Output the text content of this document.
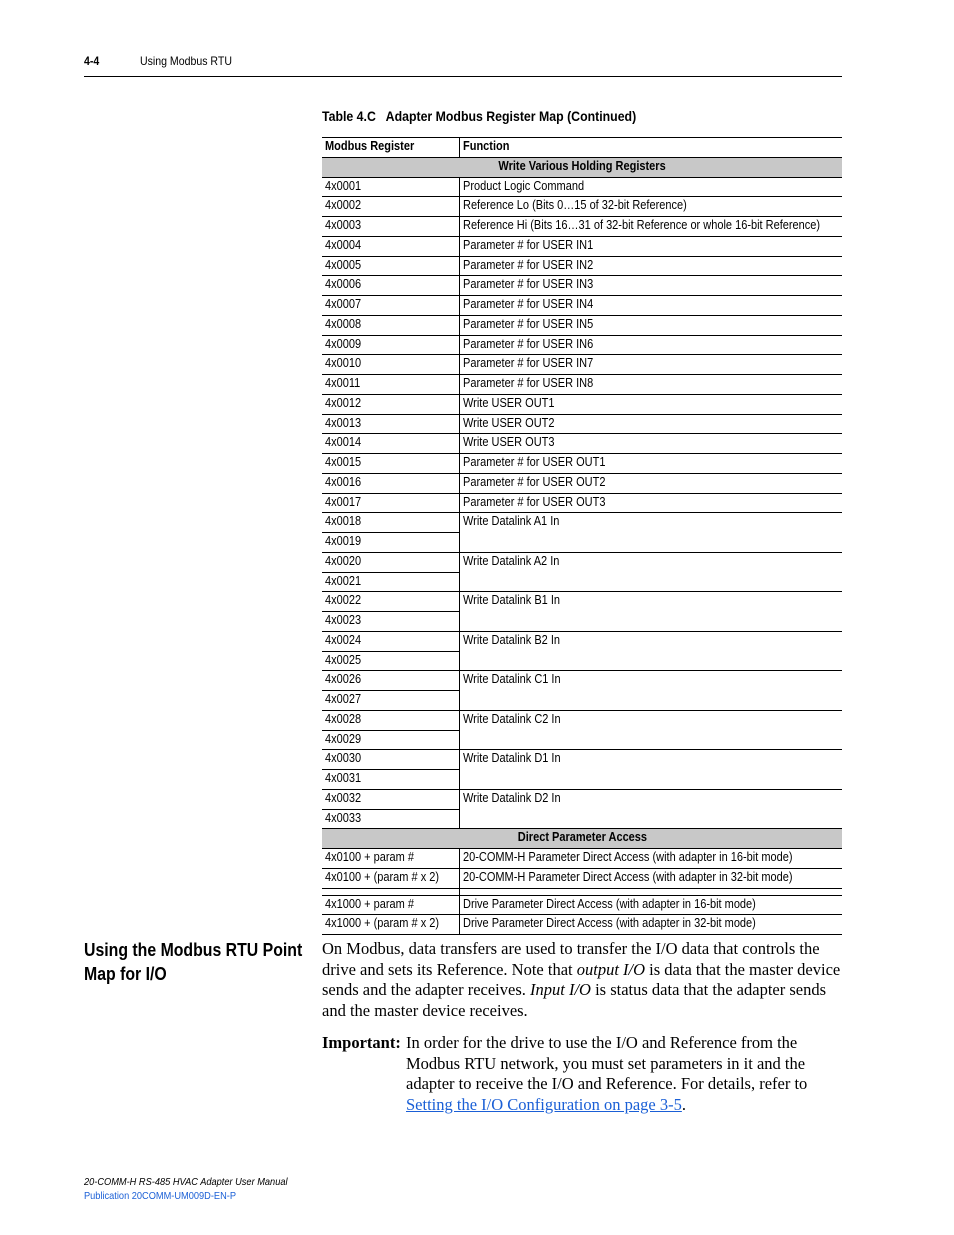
4-4	Using Modbus RTU
Table 4.C   Adapter Modbus Register Map (Continued)
Modbus Register	Function
Write Various Holding Registers	
4x0001	Product Logic Command
4x0002	Reference Lo (Bits 0…15 of 32-bit Reference)
4x0003	Reference Hi (Bits 16…31 of 32-bit Reference or whole 16-bit Reference)
4x0004	Parameter # for USER IN1
4x0005	Parameter # for USER IN2
4x0006	Parameter # for USER IN3
4x0007	Parameter # for USER IN4
4x0008	Parameter # for USER IN5
4x0009	Parameter # for USER IN6
4x0010	Parameter # for USER IN7
4x0011	Parameter # for USER IN8
4x0012	Write USER OUT1
4x0013	Write USER OUT2
4x0014	Write USER OUT3
4x0015	Parameter # for USER OUT1
4x0016	Parameter # for USER OUT2
4x0017	Parameter # for USER OUT3
4x0018	Write Datalink A1 In
4x0019	
4x0020	Write Datalink A2 In
4x0021	
4x0022	Write Datalink B1 In
4x0023	
4x0024	Write Datalink B2 In
4x0025	
4x0026	Write Datalink C1 In
4x0027	
4x0028	Write Datalink C2 In
4x0029	
4x0030	Write Datalink D1 In
4x0031	
4x0032	Write Datalink D2 In
4x0033	
Direct Parameter Access	
4x0100 + param #	20-COMM-H Parameter Direct Access (with adapter in 16-bit mode)
4x0100 + (param # x 2)	20-COMM-H Parameter Direct Access (with adapter in 32-bit mode)

4x1000 + param #	Drive Parameter Direct Access (with adapter in 16-bit mode)
4x1000 + (param # x 2)	Drive Parameter Direct Access (with adapter in 32-bit mode)
Using the Modbus RTU Point Map for I/O
On Modbus, data transfers are used to transfer the I/O data that controls the drive and sets its Reference. Note that output I/O is data that the master device sends and the adapter receives. Input I/O is status data that the adapter sends and the master device receives.
Important: In order for the drive to use the I/O and Reference from the Modbus RTU network, you must set parameters in it and the adapter to receive the I/O and Reference. For details, refer to Setting the I/O Configuration on page 3-5.
20-COMM-H RS-485 HVAC Adapter User Manual
Publication 20COMM-UM009D-EN-P
